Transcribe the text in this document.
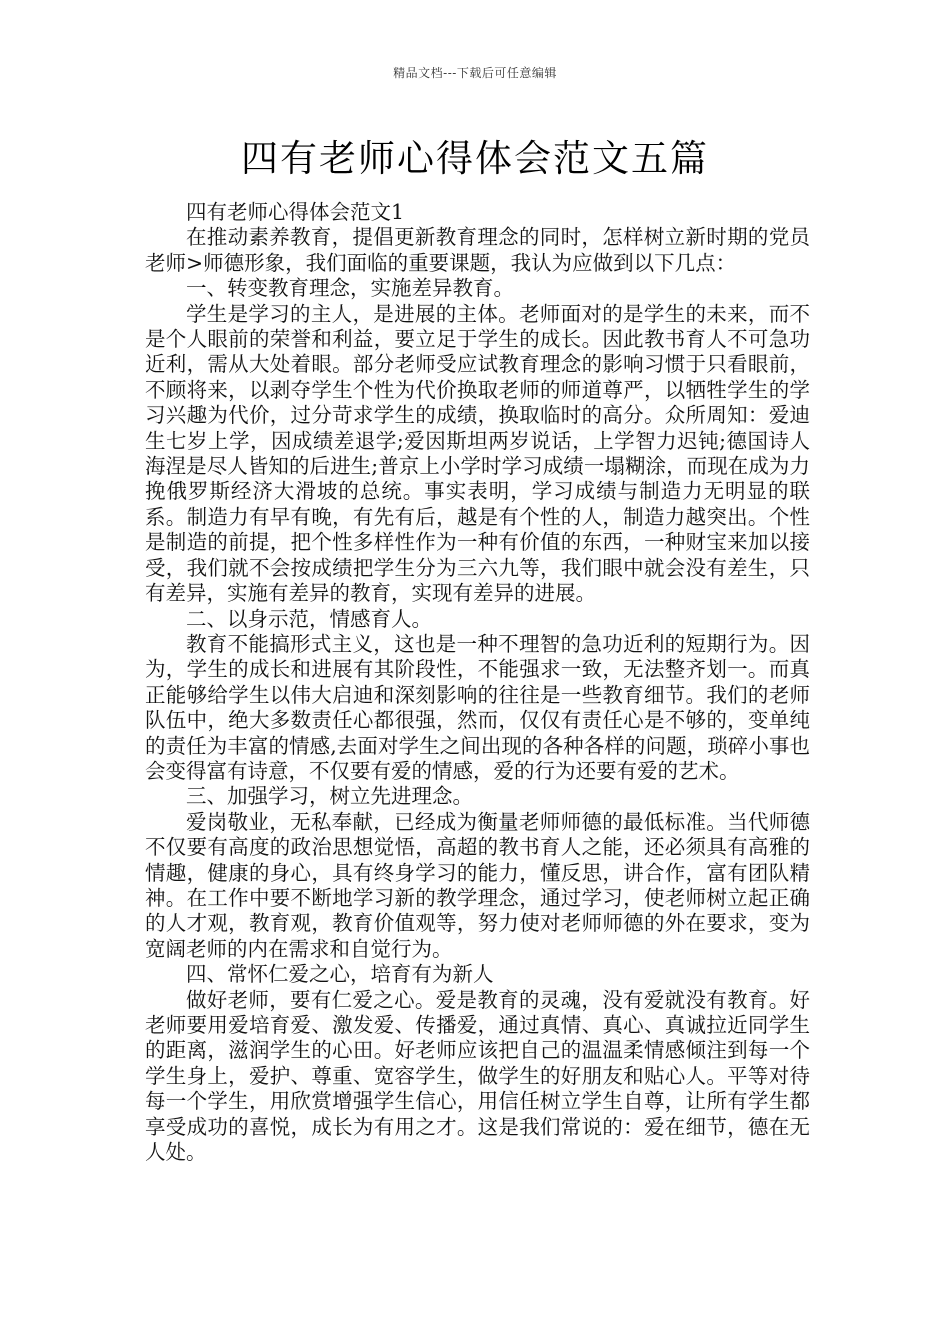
精品文档---下载后可任意编辑
四有老师心得体会范文五篇

四有老师心得体会范文1

在推动素养教育，提倡更新教育理念的同时，怎样树立新时期的党员老师>师德形象，我们面临的重要课题，我认为应做到以下几点：

一、转变教育理念，实施差异教育。

学生是学习的主人，是进展的主体。老师面对的是学生的未来，而不是个人眼前的荣誉和利益，要立足于学生的成长。因此教书育人不可急功近利，需从大处着眼。部分老师受应试教育理念的影响习惯于只看眼前，不顾将来，以剥夺学生个性为代价换取老师的师道尊严，以牺牲学生的学习兴趣为代价，过分苛求学生的成绩，换取临时的高分。众所周知：爱迪生七岁上学，因成绩差退学;爱因斯坦两岁说话，上学智力迟钝;德国诗人海涅是尽人皆知的后进生;普京上小学时学习成绩一塌糊涂，而现在成为力挽俄罗斯经济大滑坡的总统。事实表明，学习成绩与制造力无明显的联系。制造力有早有晚，有先有后，越是有个性的人，制造力越突出。个性是制造的前提，把个性多样性作为一种有价值的东西，一种财宝来加以接受，我们就不会按成绩把学生分为三六九等，我们眼中就会没有差生，只有差异，实施有差异的教育，实现有差异的进展。

二、以身示范，情感育人。

教育不能搞形式主义，这也是一种不理智的急功近利的短期行为。因为，学生的成长和进展有其阶段性，不能强求一致，无法整齐划一。而真正能够给学生以伟大启迪和深刻影响的往往是一些教育细节。我们的老师队伍中，绝大多数责任心都很强，然而，仅仅有责任心是不够的，变单纯的责任为丰富的情感,去面对学生之间出现的各种各样的问题，琐碎小事也会变得富有诗意，不仅要有爱的情感，爱的行为还要有爱的艺术。

三、加强学习，树立先进理念。

爱岗敬业，无私奉献，已经成为衡量老师师德的最低标准。当代师德不仅要有高度的政治思想觉悟，高超的教书育人之能，还必须具有高雅的情趣，健康的身心，具有终身学习的能力，懂反思，讲合作，富有团队精神。在工作中要不断地学习新的教学理念，通过学习，使老师树立起正确的人才观，教育观，教育价值观等，努力使对老师师德的外在要求，变为宽阔老师的内在需求和自觉行为。

四、常怀仁爱之心，培育有为新人

做好老师，要有仁爱之心。爱是教育的灵魂，没有爱就没有教育。好老师要用爱培育爱、激发爱、传播爱，通过真情、真心、真诚拉近同学生的距离，滋润学生的心田。好老师应该把自己的温温柔情感倾注到每一个学生身上，爱护、尊重、宽容学生，做学生的好朋友和贴心人。平等对待每一个学生，用欣赏增强学生信心，用信任树立学生自尊，让所有学生都享受成功的喜悦，成长为有用之才。这是我们常说的：爱在细节，德在无人处。
